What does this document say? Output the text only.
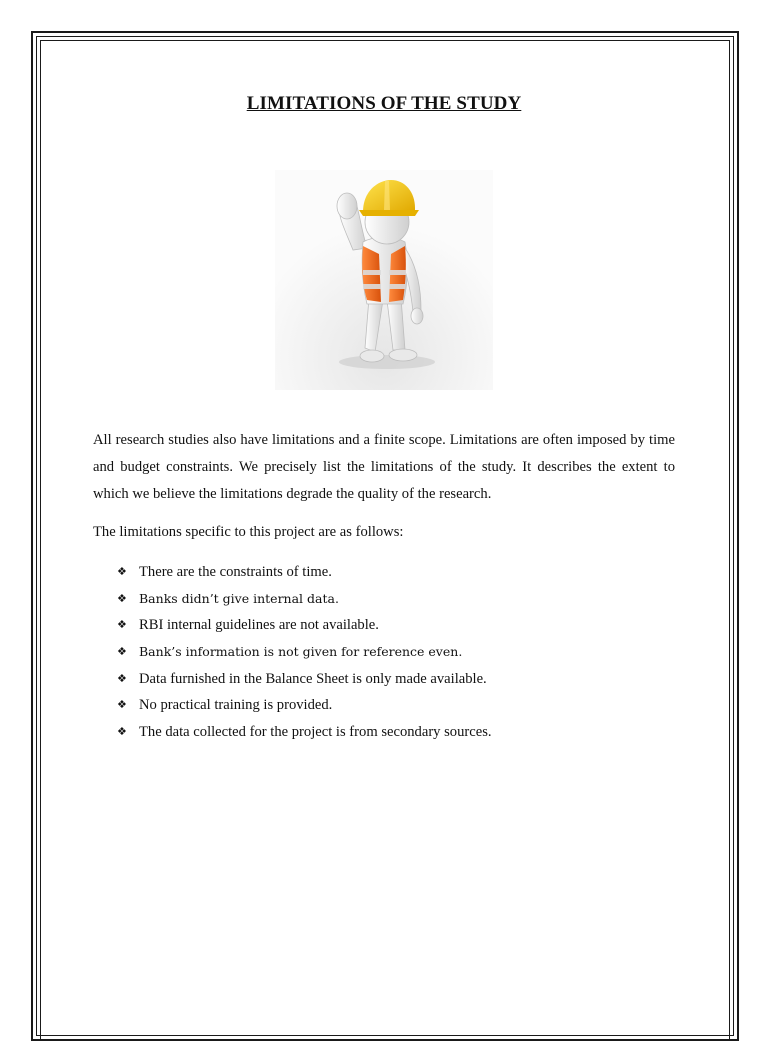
LIMITATIONS OF THE STUDY

All research studies also have limitations and a finite scope. Limitations are often imposed by time and budget constraints. We precisely list the limitations of the study. It describes the extent to which we believe the limitations degrade the quality of the research.

The limitations specific to this project are as follows:

❖ There are the constraints of time.
❖ Banks didn’t give internal data.
❖ RBI internal guidelines are not available.
❖ Bank’s information is not given for reference even.
❖ Data furnished in the Balance Sheet is only made available.
❖ No practical training is provided.
❖ The data collected for the project is from secondary sources.
